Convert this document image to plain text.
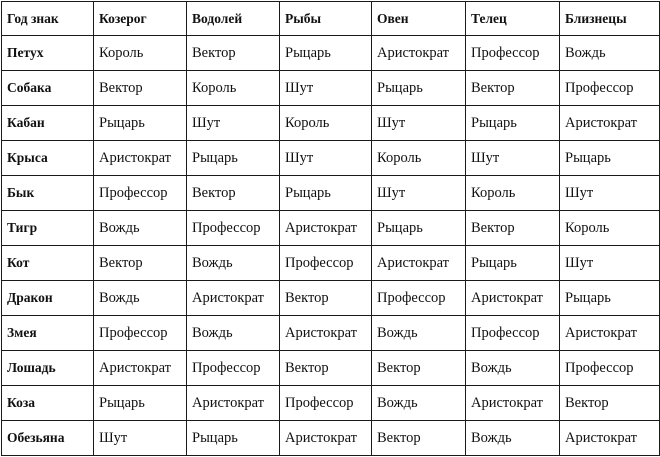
Год знак	Козерог	Водолей	Рыбы	Овен	Телец	Близнецы
Петух	Король	Вектор	Рыцарь	Аристократ	Профессор	Вождь
Собака	Вектор	Король	Шут	Рыцарь	Вектор	Профессор
Кабан	Рыцарь	Шут	Король	Шут	Рыцарь	Аристократ
Крыса	Аристократ	Рыцарь	Шут	Король	Шут	Рыцарь
Бык	Профессор	Вектор	Рыцарь	Шут	Король	Шут
Тигр	Вождь	Профессор	Аристократ	Рыцарь	Вектор	Король
Кот	Вектор	Вождь	Профессор	Аристократ	Рыцарь	Шут
Дракон	Вождь	Аристократ	Вектор	Профессор	Аристократ	Рыцарь
Змея	Профессор	Вождь	Аристократ	Вождь	Профессор	Аристократ
Лошадь	Аристократ	Профессор	Вектор	Вектор	Вождь	Профессор
Коза	Рыцарь	Аристократ	Профессор	Вождь	Аристократ	Вектор
Обезьяна	Шут	Рыцарь	Аристократ	Вектор	Вождь	Аристократ
